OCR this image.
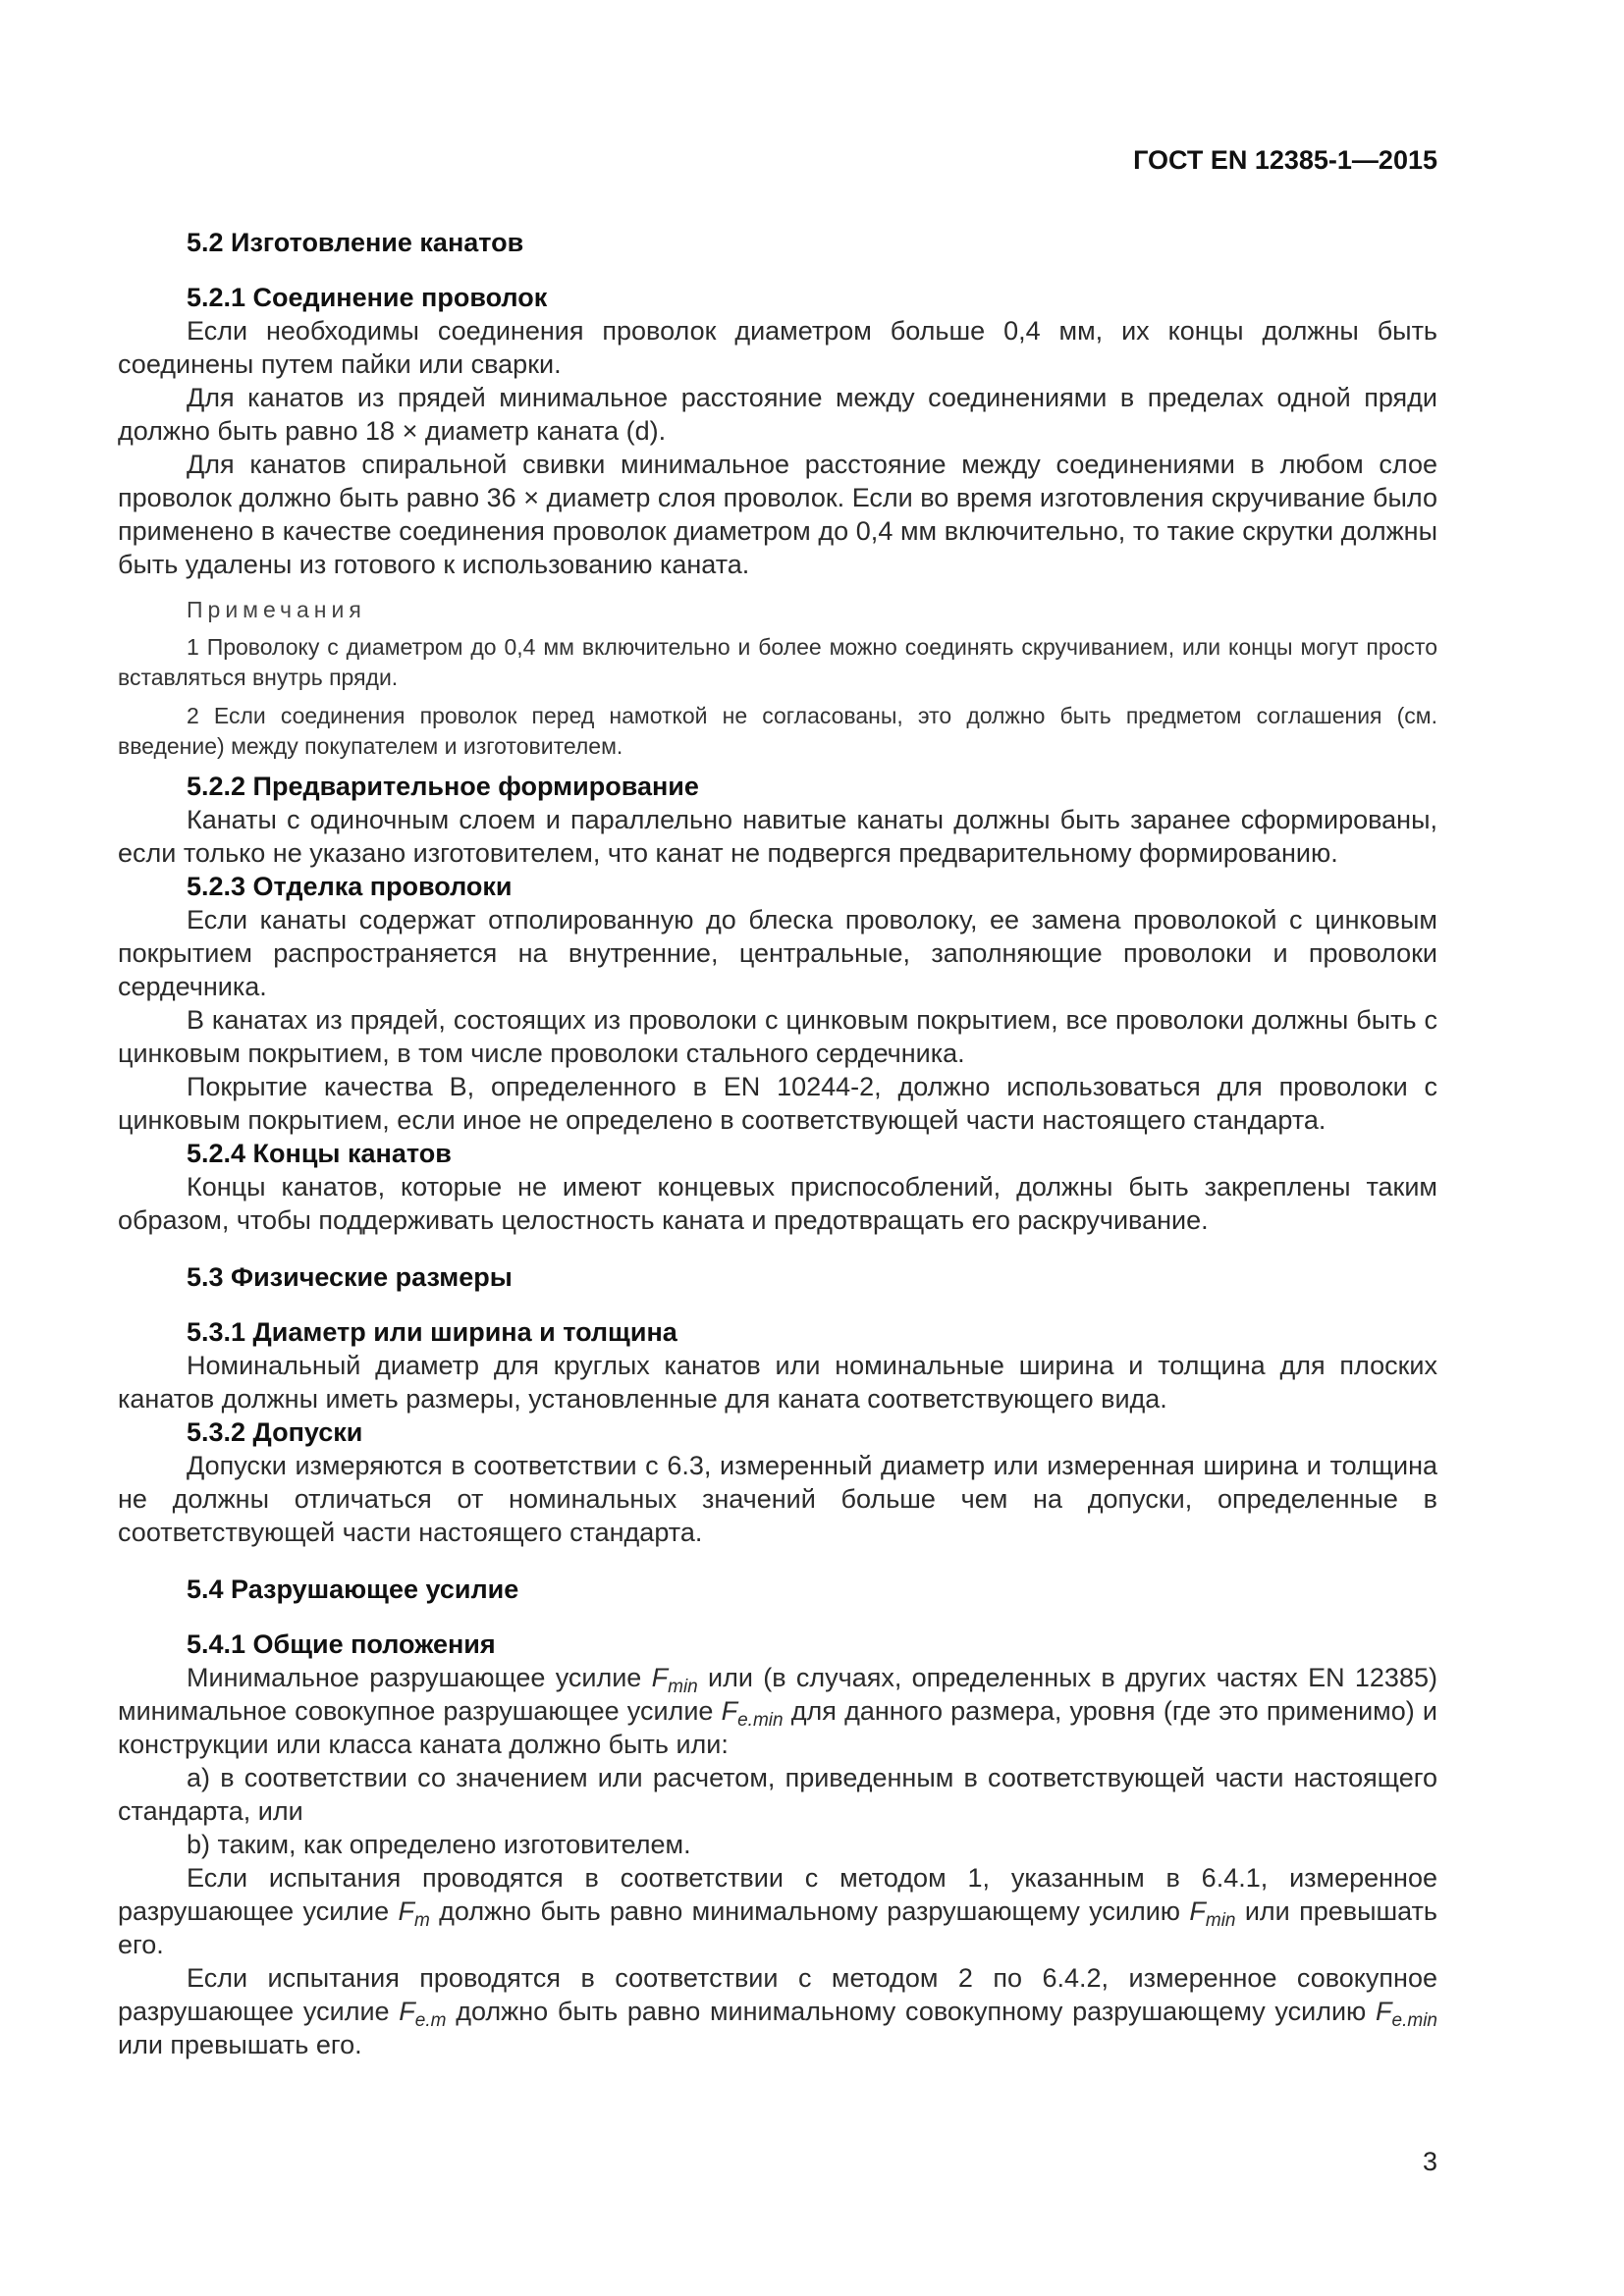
ГОСТ EN 12385-1—2015

5.2 Изготовление канатов

5.2.1 Соединение проволок

Если необходимы соединения проволок диаметром больше 0,4 мм, их концы должны быть соединены путем пайки или сварки.

Для канатов из прядей минимальное расстояние между соединениями в пределах одной пряди должно быть равно 18 × диаметр каната (d).

Для канатов спиральной свивки минимальное расстояние между соединениями в любом слое проволок должно быть равно 36 × диаметр слоя проволок. Если во время изготовления скручивание было применено в качестве соединения проволок диаметром до 0,4 мм включительно, то такие скрутки должны быть удалены из готового к использованию каната.

Примечания

1 Проволоку с диаметром до 0,4 мм включительно и более можно соединять скручиванием, или концы могут просто вставляться внутрь пряди.

2 Если соединения проволок перед намоткой не согласованы, это должно быть предметом соглашения (см. введение) между покупателем и изготовителем.

5.2.2 Предварительное формирование

Канаты с одиночным слоем и параллельно навитые канаты должны быть заранее сформированы, если только не указано изготовителем, что канат не подвергся предварительному формированию.

5.2.3 Отделка проволоки

Если канаты содержат отполированную до блеска проволоку, ее замена проволокой с цинковым покрытием распространяется на внутренние, центральные, заполняющие проволоки и проволоки сердечника.

В канатах из прядей, состоящих из проволоки с цинковым покрытием, все проволоки должны быть с цинковым покрытием, в том числе проволоки стального сердечника.

Покрытие качества B, определенного в EN 10244-2, должно использоваться для проволоки с цинковым покрытием, если иное не определено в соответствующей части настоящего стандарта.

5.2.4 Концы канатов

Концы канатов, которые не имеют концевых приспособлений, должны быть закреплены таким образом, чтобы поддерживать целостность каната и предотвращать его раскручивание.

5.3 Физические размеры

5.3.1 Диаметр или ширина и толщина

Номинальный диаметр для круглых канатов или номинальные ширина и толщина для плоских канатов должны иметь размеры, установленные для каната соответствующего вида.

5.3.2 Допуски

Допуски измеряются в соответствии с 6.3, измеренный диаметр или измеренная ширина и толщина не должны отличаться от номинальных значений больше чем на допуски, определенные в соответствующей части настоящего стандарта.

5.4 Разрушающее усилие

5.4.1 Общие положения

Минимальное разрушающее усилие $F_{min}$ или (в случаях, определенных в других частях EN 12385) минимальное совокупное разрушающее усилие $F_{e.min}$ для данного размера, уровня (где это применимо) и конструкции или класса каната должно быть или:

a) в соответствии со значением или расчетом, приведенным в соответствующей части настоящего стандарта, или

b) таким, как определено изготовителем.

Если испытания проводятся в соответствии с методом 1, указанным в 6.4.1, измеренное разрушающее усилие $F_m$ должно быть равно минимальному разрушающему усилию $F_{min}$ или превышать его.

Если испытания проводятся в соответствии с методом 2 по 6.4.2, измеренное совокупное разрушающее усилие $F_{e.m}$ должно быть равно минимальному совокупному разрушающему усилию $F_{e.min}$ или превышать его.

3
